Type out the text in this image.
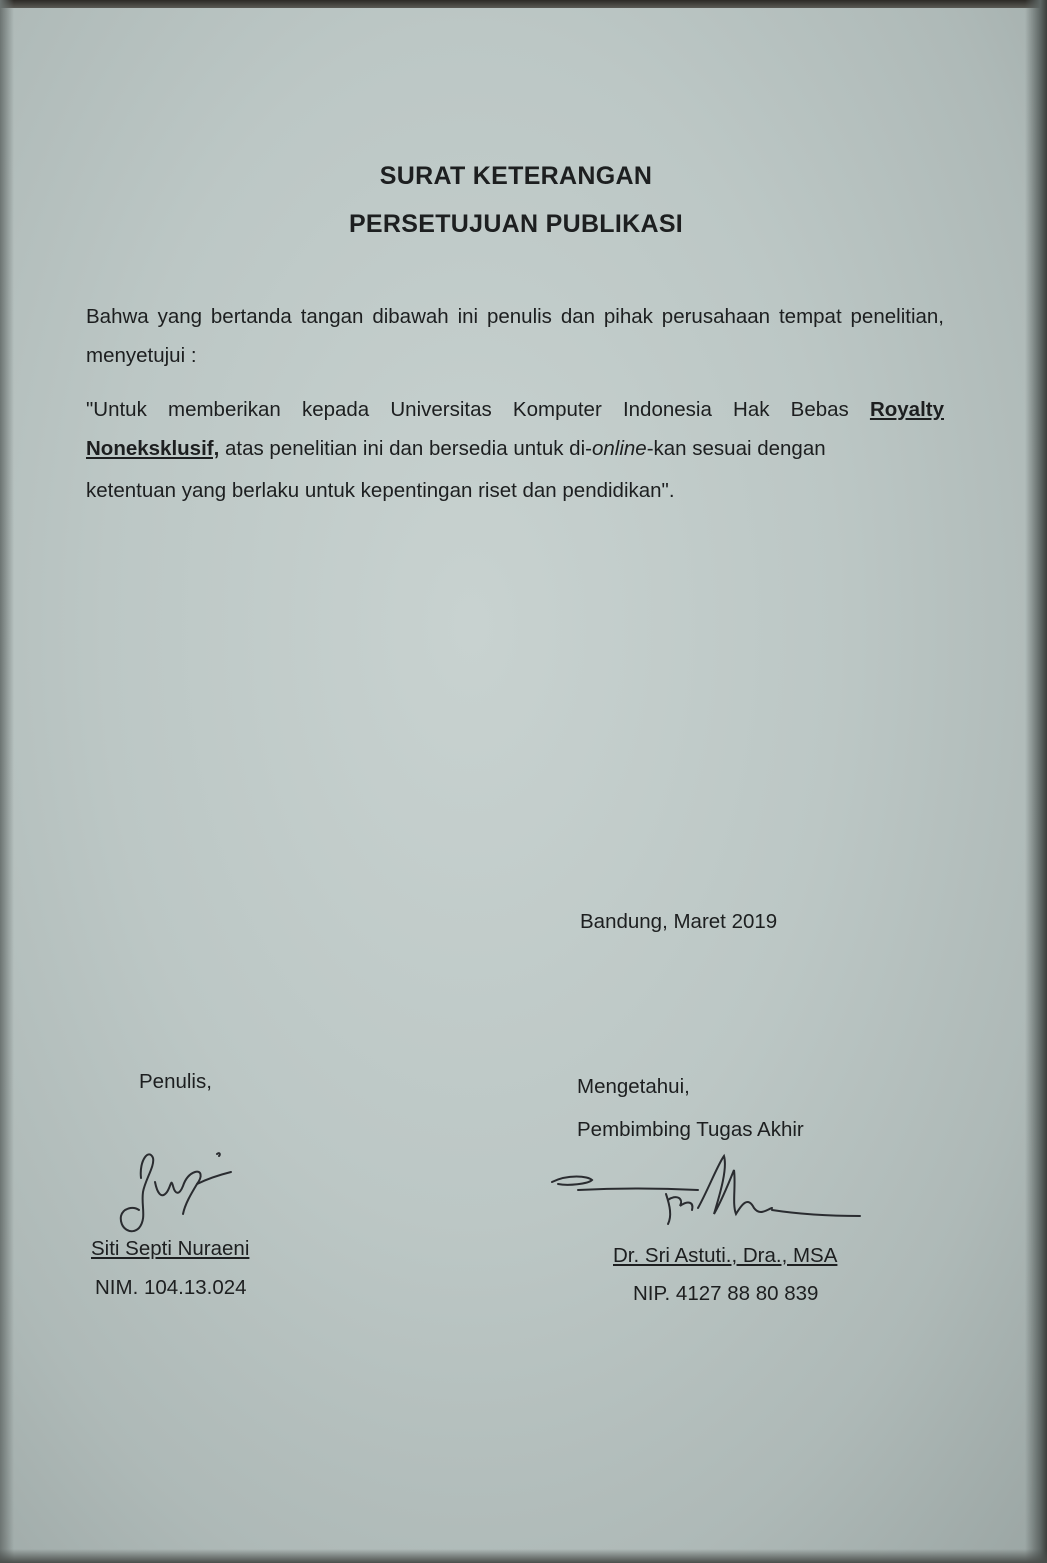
SURAT KETERANGAN
PERSETUJUAN PUBLIKASI
Bahwa yang bertanda tangan dibawah ini penulis dan pihak perusahaan tempat penelitian, menyetujui :
"Untuk memberikan kepada Universitas Komputer Indonesia Hak Bebas Royalty Noneksklusif, atas penelitian ini dan bersedia untuk di-online-kan sesuai dengan
ketentuan yang berlaku untuk kepentingan riset dan pendidikan".
Bandung, Maret 2019
Penulis,	Mengetahui,
Pembimbing Tugas Akhir
Siti Septi Nuraeni
NIM. 104.13.024
Dr. Sri Astuti., Dra., MSA
NIP. 4127 88 80 839
